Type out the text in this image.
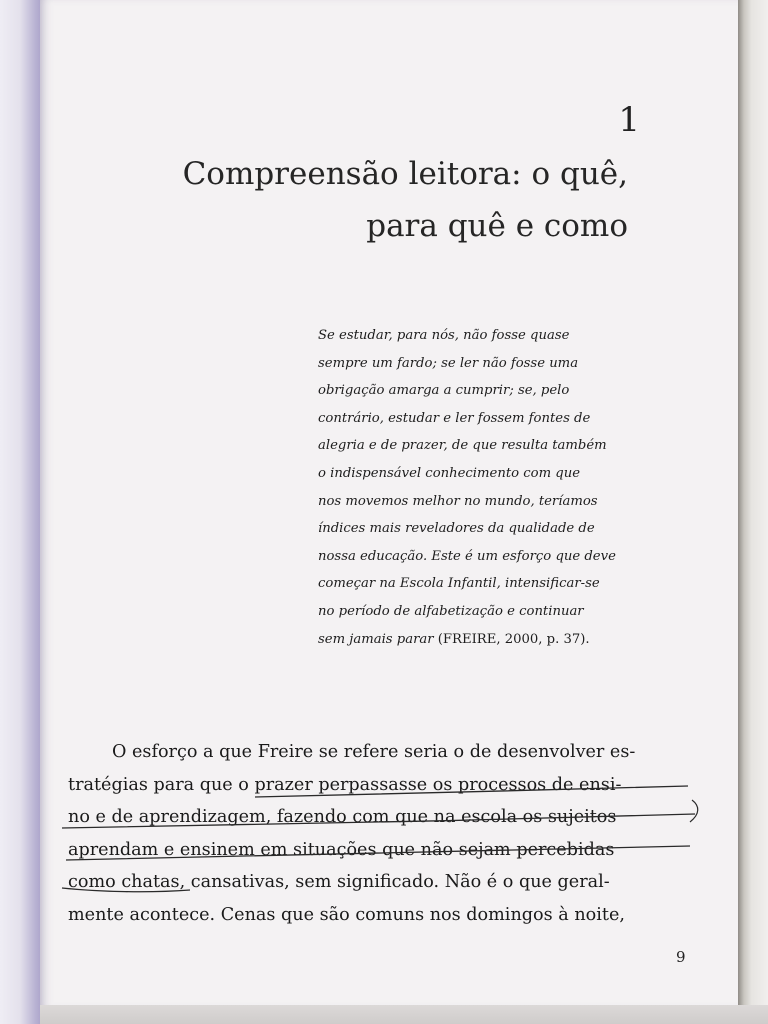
1
Compreensão leitora: o quê,
para quê e como
Se estudar, para nós, não fosse quase
sempre um fardo; se ler não fosse uma
obrigação amarga a cumprir; se, pelo
contrário, estudar e ler fossem fontes de
alegria e de prazer, de que resulta também
o indispensável conhecimento com que
nos movemos melhor no mundo, teríamos
índices mais reveladores da qualidade de
nossa educação. Este é um esforço que deve
começar na Escola Infantil, intensificar-se
no período de alfabetização e continuar
sem jamais parar (FREIRE, 2000, p. 37).
O esforço a que Freire se refere seria o de desenvolver es-
tratégias para que o prazer perpassasse os processos de ensi-
no e de aprendizagem, fazendo com que na escola os sujeitos
aprendam e ensinem em situações que não sejam percebidas
como chatas, cansativas, sem significado. Não é o que geral-
mente acontece. Cenas que são comuns nos domingos à noite,
9
